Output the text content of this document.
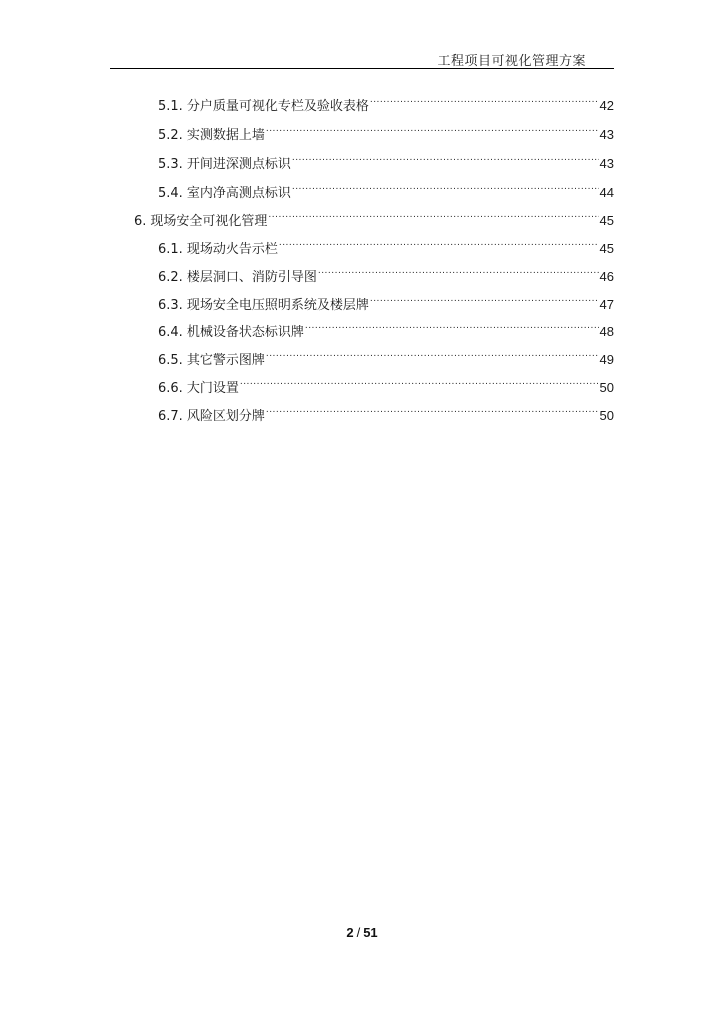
工程项目可视化管理方案
5.1. 分户质量可视化专栏及验收表格 .....	42
5.2. 实测数据上墙 .....	43
5.3. 开间进深测点标识 .....	43
5.4. 室内净高测点标识 .....	44
6. 现场安全可视化管理 .....	45
6.1. 现场动火告示栏 .....	45
6.2. 楼层洞口、消防引导图 .....	46
6.3. 现场安全电压照明系统及楼层牌 .....	47
6.4. 机械设备状态标识牌 .....	48
6.5. 其它警示图牌 .....	49
6.6. 大门设置 .....	50
6.7. 风险区划分牌 .....	50
2 / 51
